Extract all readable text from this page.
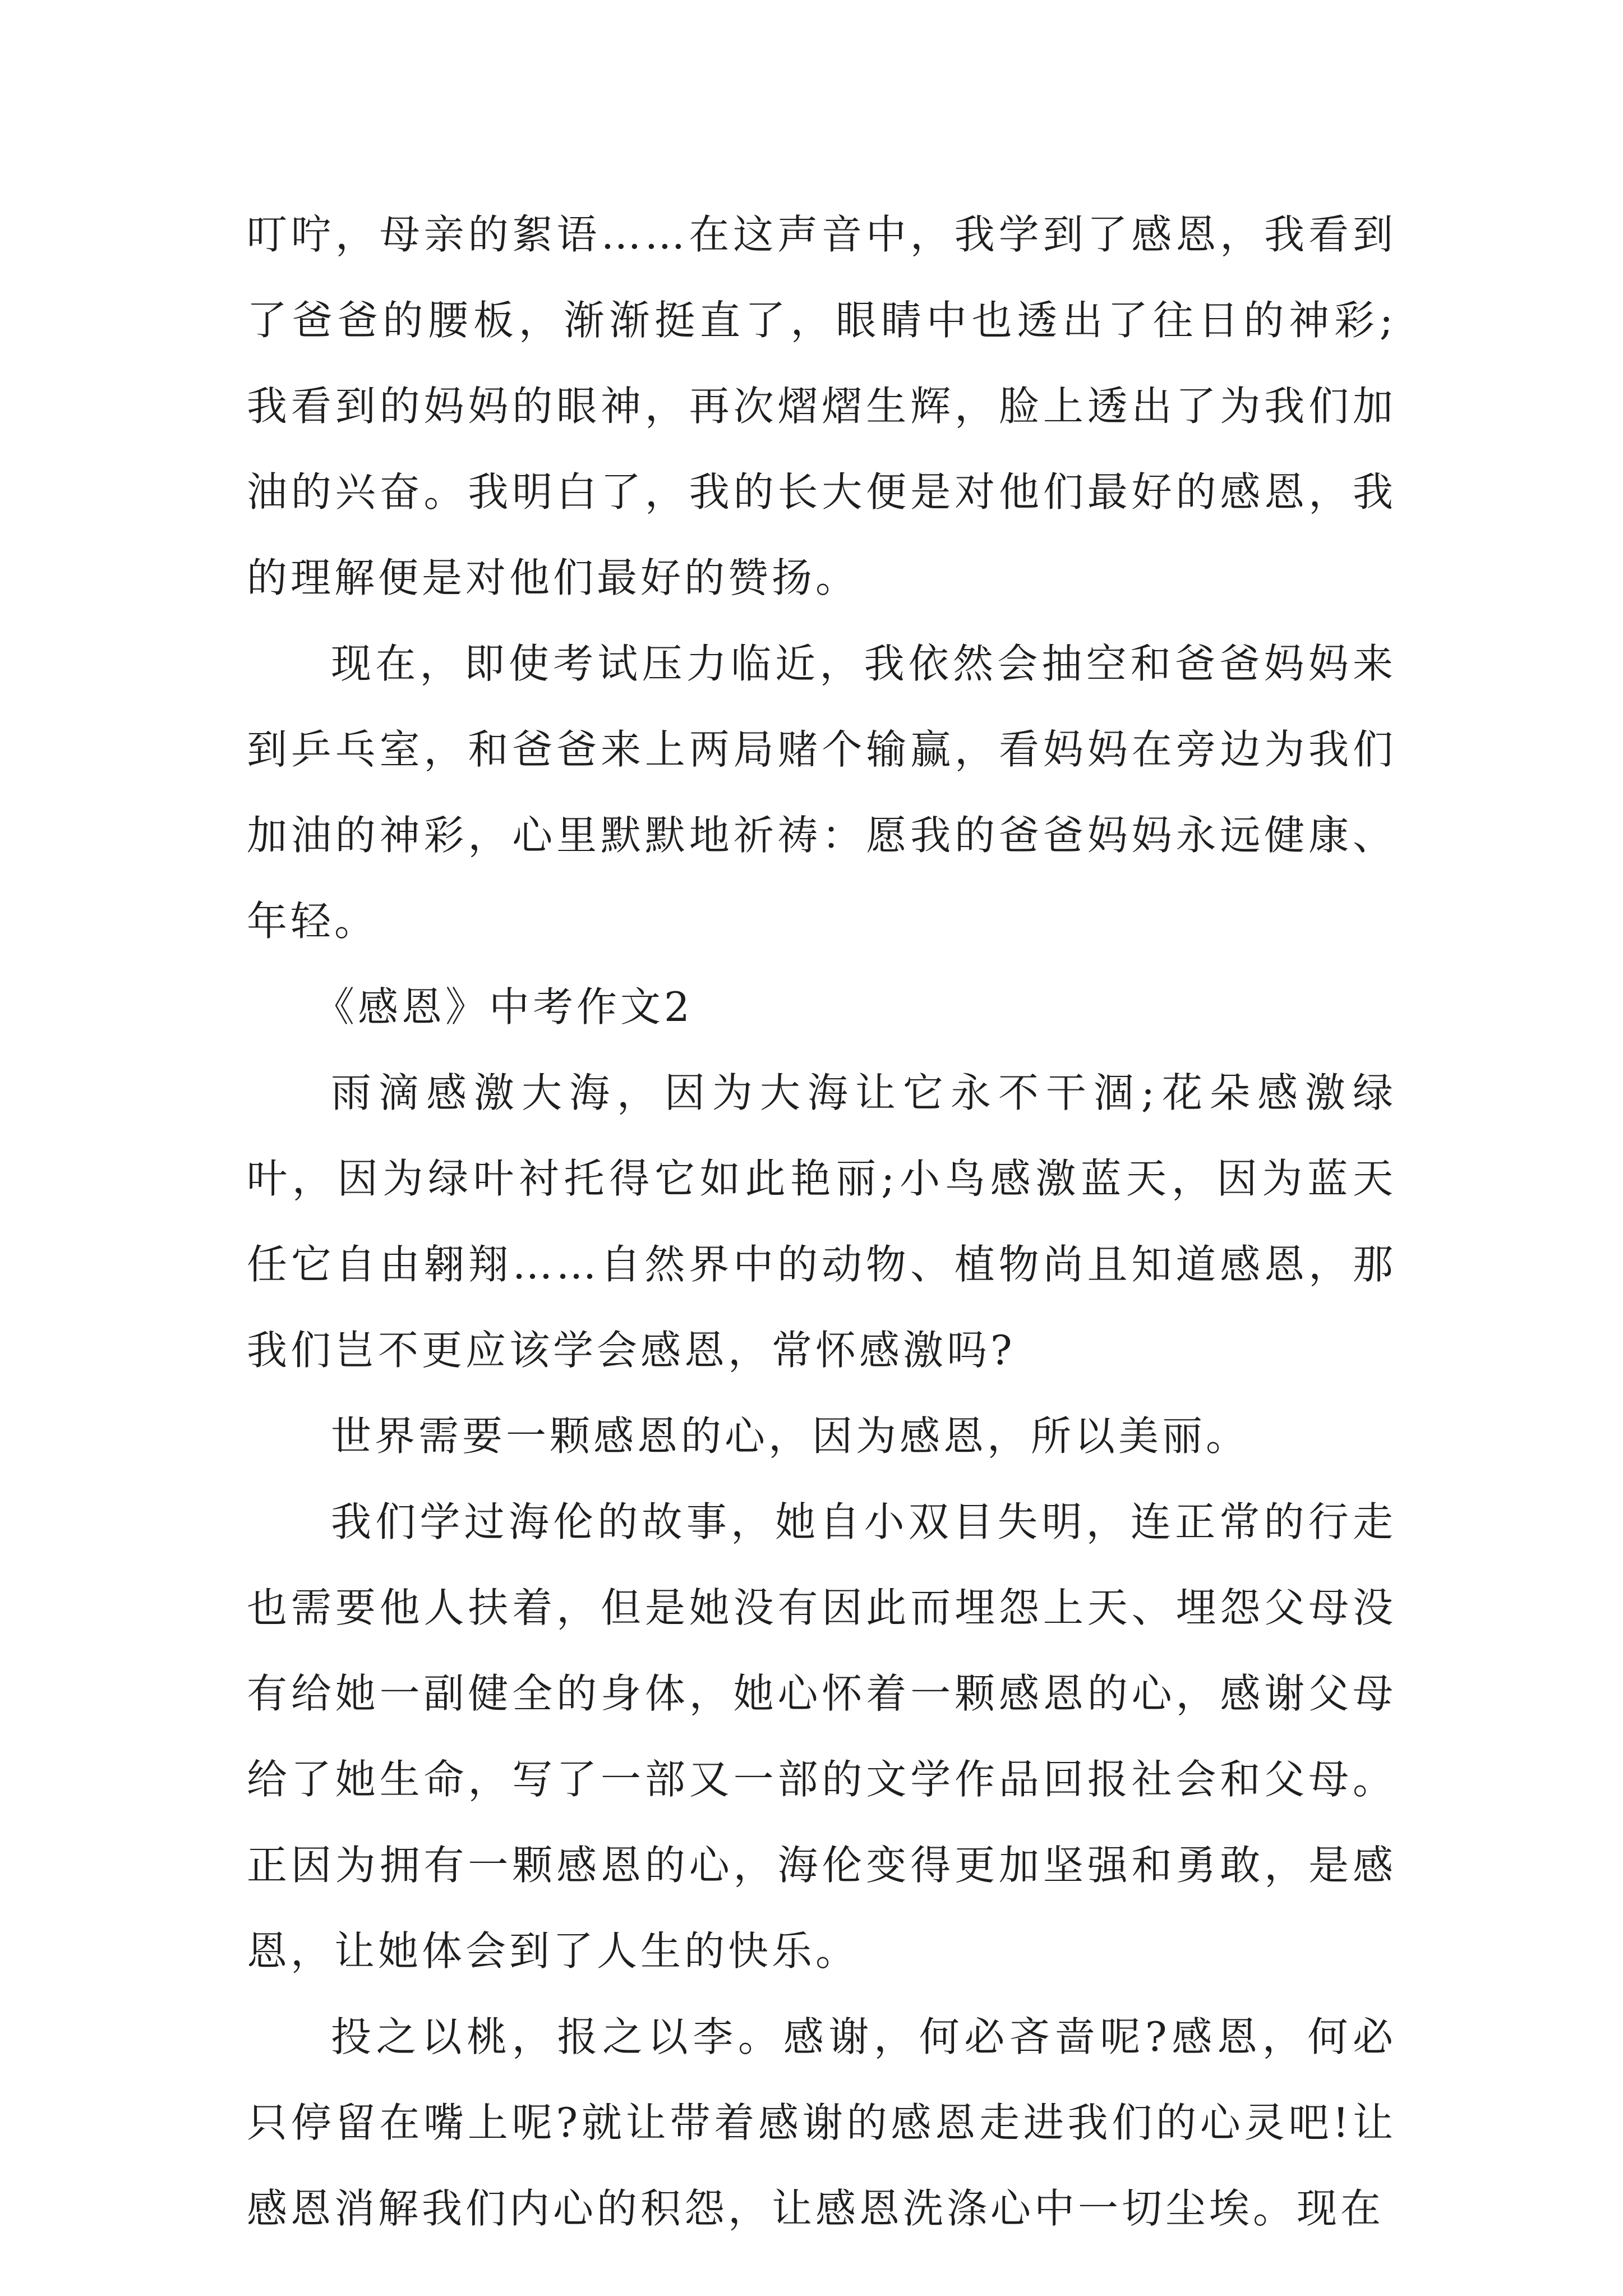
叮咛，母亲的絮语……在这声音中，我学到了感恩，我看到了爸爸的腰板，渐渐挺直了，眼睛中也透出了往日的神彩;我看到的妈妈的眼神，再次熠熠生辉，脸上透出了为我们加油的兴奋。我明白了，我的长大便是对他们最好的感恩，我的理解便是对他们最好的赞扬。

现在，即使考试压力临近，我依然会抽空和爸爸妈妈来到乒乓室，和爸爸来上两局赌个输赢，看妈妈在旁边为我们加油的神彩，心里默默地祈祷：愿我的爸爸妈妈永远健康、年轻。

《感恩》中考作文2

雨滴感激大海，因为大海让它永不干涸;花朵感激绿叶，因为绿叶衬托得它如此艳丽;小鸟感激蓝天，因为蓝天任它自由翱翔……自然界中的动物、植物尚且知道感恩，那我们岂不更应该学会感恩，常怀感激吗?

世界需要一颗感恩的心，因为感恩，所以美丽。

我们学过海伦的故事，她自小双目失明，连正常的行走也需要他人扶着，但是她没有因此而埋怨上天、埋怨父母没有给她一副健全的身体，她心怀着一颗感恩的心，感谢父母给了她生命，写了一部又一部的文学作品回报社会和父母。正因为拥有一颗感恩的心，海伦变得更加坚强和勇敢，是感恩，让她体会到了人生的快乐。

投之以桃，报之以李。感谢，何必吝啬呢?感恩，何必只停留在嘴上呢?就让带着感谢的感恩走进我们的心灵吧!让感恩消解我们内心的积怨，让感恩洗涤心中一切尘埃。现在
